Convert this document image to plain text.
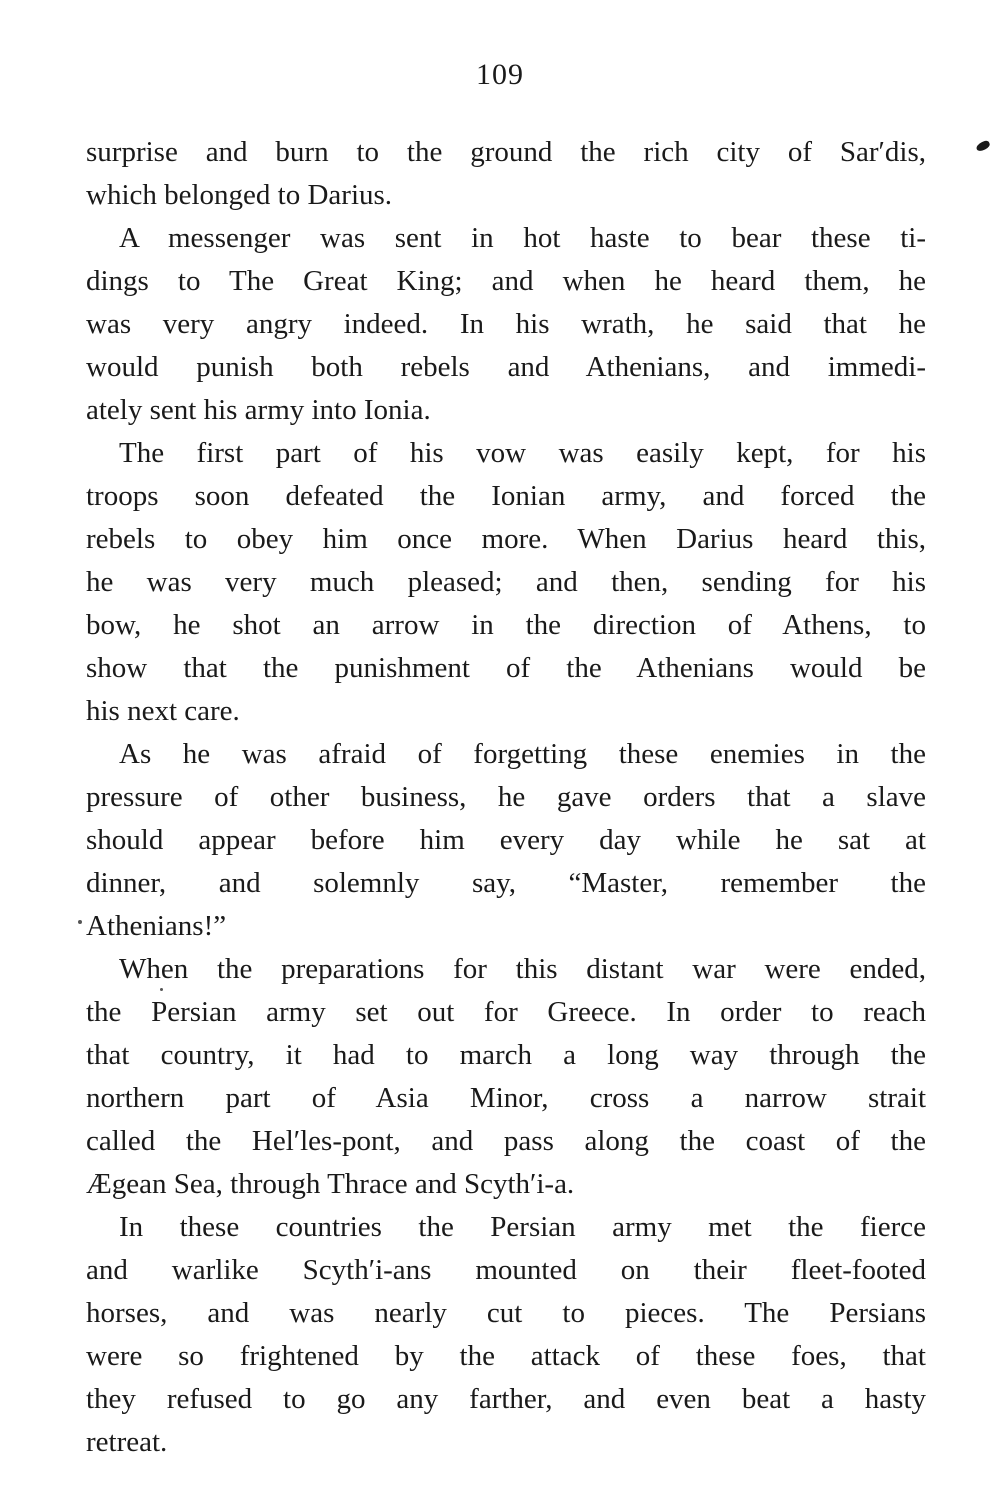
109
surprise and burn to the ground the rich city of Sar′dis,
which belonged to Darius.
A messenger was sent in hot haste to bear these ti-
dings to The Great King; and when he heard them, he
was very angry indeed. In his wrath, he said that he
would punish both rebels and Athenians, and immedi-
ately sent his army into Ionia.
The first part of his vow was easily kept, for his
troops soon defeated the Ionian army, and forced the
rebels to obey him once more. When Darius heard this,
he was very much pleased; and then, sending for his
bow, he shot an arrow in the direction of Athens, to
show that the punishment of the Athenians would be
his next care.
As he was afraid of forgetting these enemies in the
pressure of other business, he gave orders that a slave
should appear before him every day while he sat at
dinner, and solemnly say, “Master, remember the
Athenians!”
When the preparations for this distant war were ended,
the Persian army set out for Greece. In order to reach
that country, it had to march a long way through the
northern part of Asia Minor, cross a narrow strait
called the Hel′les-pont, and pass along the coast of the
Ægean Sea, through Thrace and Scyth′i-a.
In these countries the Persian army met the fierce
and warlike Scyth′i-ans mounted on their fleet-footed
horses, and was nearly cut to pieces. The Persians
were so frightened by the attack of these foes, that
they refused to go any farther, and even beat a hasty
retreat.
